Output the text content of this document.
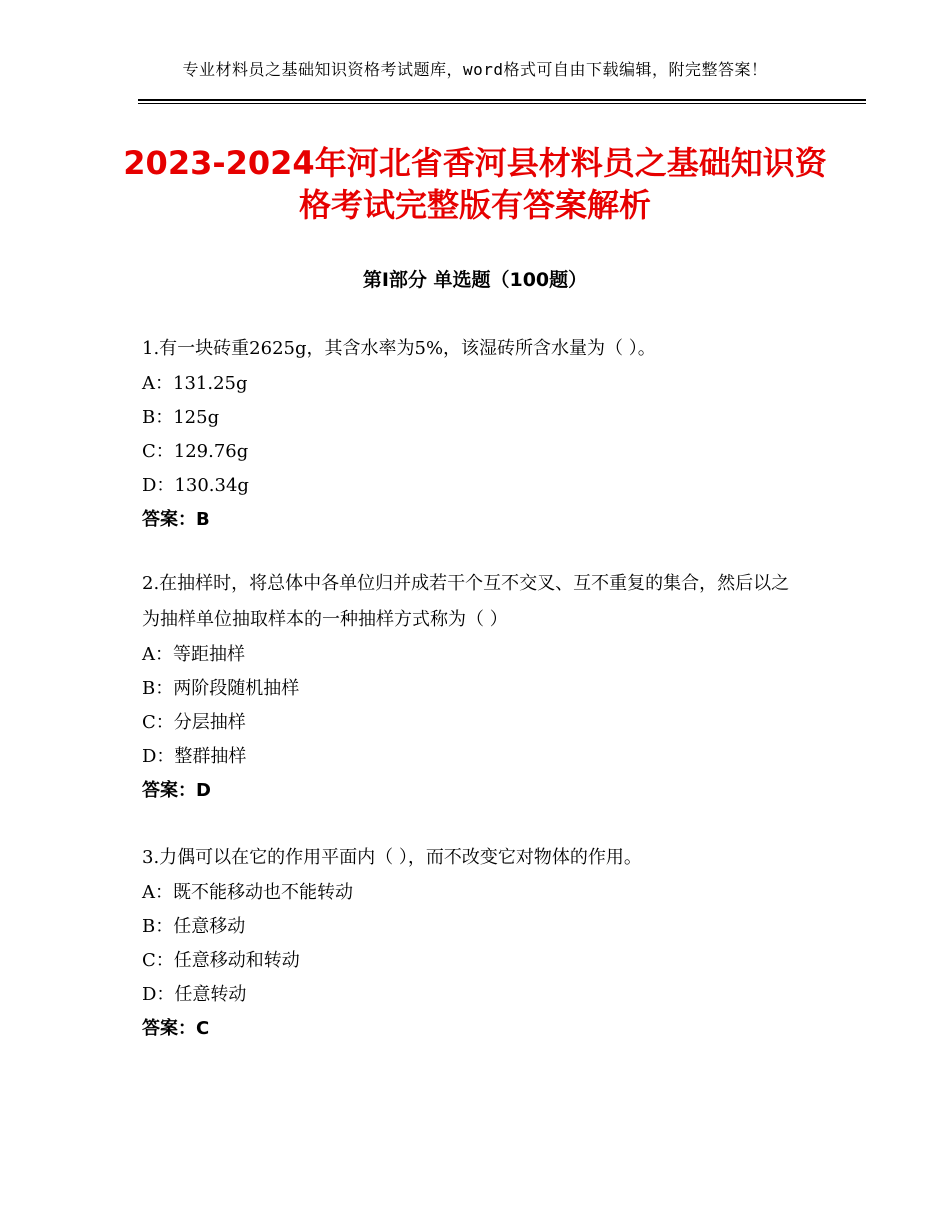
专业材料员之基础知识资格考试题库，word格式可自由下载编辑，附完整答案！
2023-2024年河北省香河县材料员之基础知识资格考试完整版有答案解析
第Ⅰ部分 单选题（100题）

1.有一块砖重2625g，其含水率为5%，该湿砖所含水量为（ ）。

A：131.25g

B：125g

C：129.76g

D：130.34g

答案：B

2.在抽样时，将总体中各单位归并成若干个互不交叉、互不重复的集合，然后以之为抽样单位抽取样本的一种抽样方式称为（ ）

A：等距抽样

B：两阶段随机抽样

C：分层抽样

D：整群抽样

答案：D

3.力偶可以在它的作用平面内（ ），而不改变它对物体的作用。

A：既不能移动也不能转动

B：任意移动

C：任意移动和转动

D：任意转动

答案：C
